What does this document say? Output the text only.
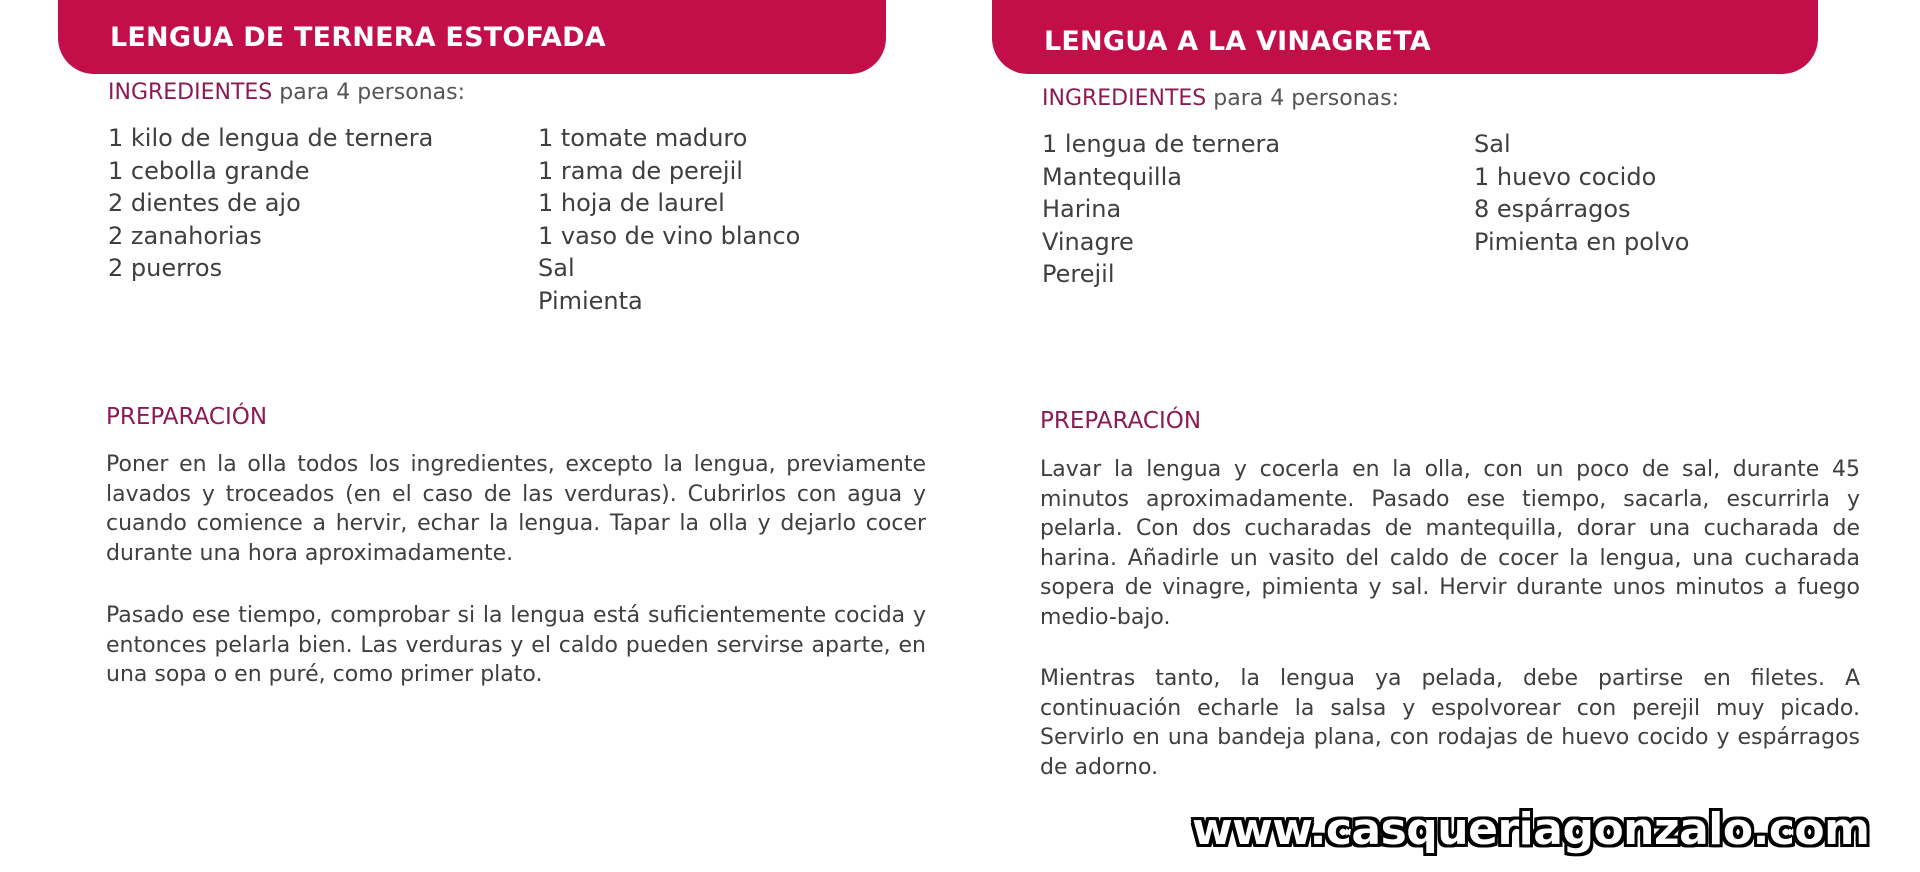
LENGUA DE TERNERA ESTOFADA
INGREDIENTES para 4 personas:
1 kilo de lengua de ternera
1 cebolla grande
2 dientes de ajo
2 zanahorias
2 puerros
1 tomate maduro
1 rama de perejil
1 hoja de laurel
1 vaso de vino blanco
Sal
Pimienta
PREPARACIÓN

Poner en la olla todos los ingredientes, excepto la lengua, previamente lavados y troceados (en el caso de las verduras). Cubrirlos con agua y cuando comience a hervir, echar la lengua. Tapar la olla y dejarlo cocer durante una hora aproximadamente.

Pasado ese tiempo, comprobar si la lengua está suficientemente cocida y entonces pelarla bien. Las verduras y el caldo pueden servirse aparte, en una sopa o en puré, como primer plato.

LENGUA A LA VINAGRETA
INGREDIENTES para 4 personas:
1 lengua de ternera
Mantequilla
Harina
Vinagre
Perejil
Sal
1 huevo cocido
8 espárragos
Pimienta en polvo
PREPARACIÓN

Lavar la lengua y cocerla en la olla, con un poco de sal, durante 45 minutos aproximadamente. Pasado ese tiempo, sacarla, escurrirla y pelarla. Con dos cucharadas de mantequilla, dorar una cucharada de harina. Añadirle un vasito del caldo de cocer la lengua, una cucharada sopera de vinagre, pimienta y sal. Hervir durante unos minutos a fuego medio-bajo.

Mientras tanto, la lengua ya pelada, debe partirse en filetes. A continuación echarle la salsa y espolvorear con perejil muy picado. Servirlo en una bandeja plana, con rodajas de huevo cocido y espárragos de adorno.

www.casqueriagonzalo.com
